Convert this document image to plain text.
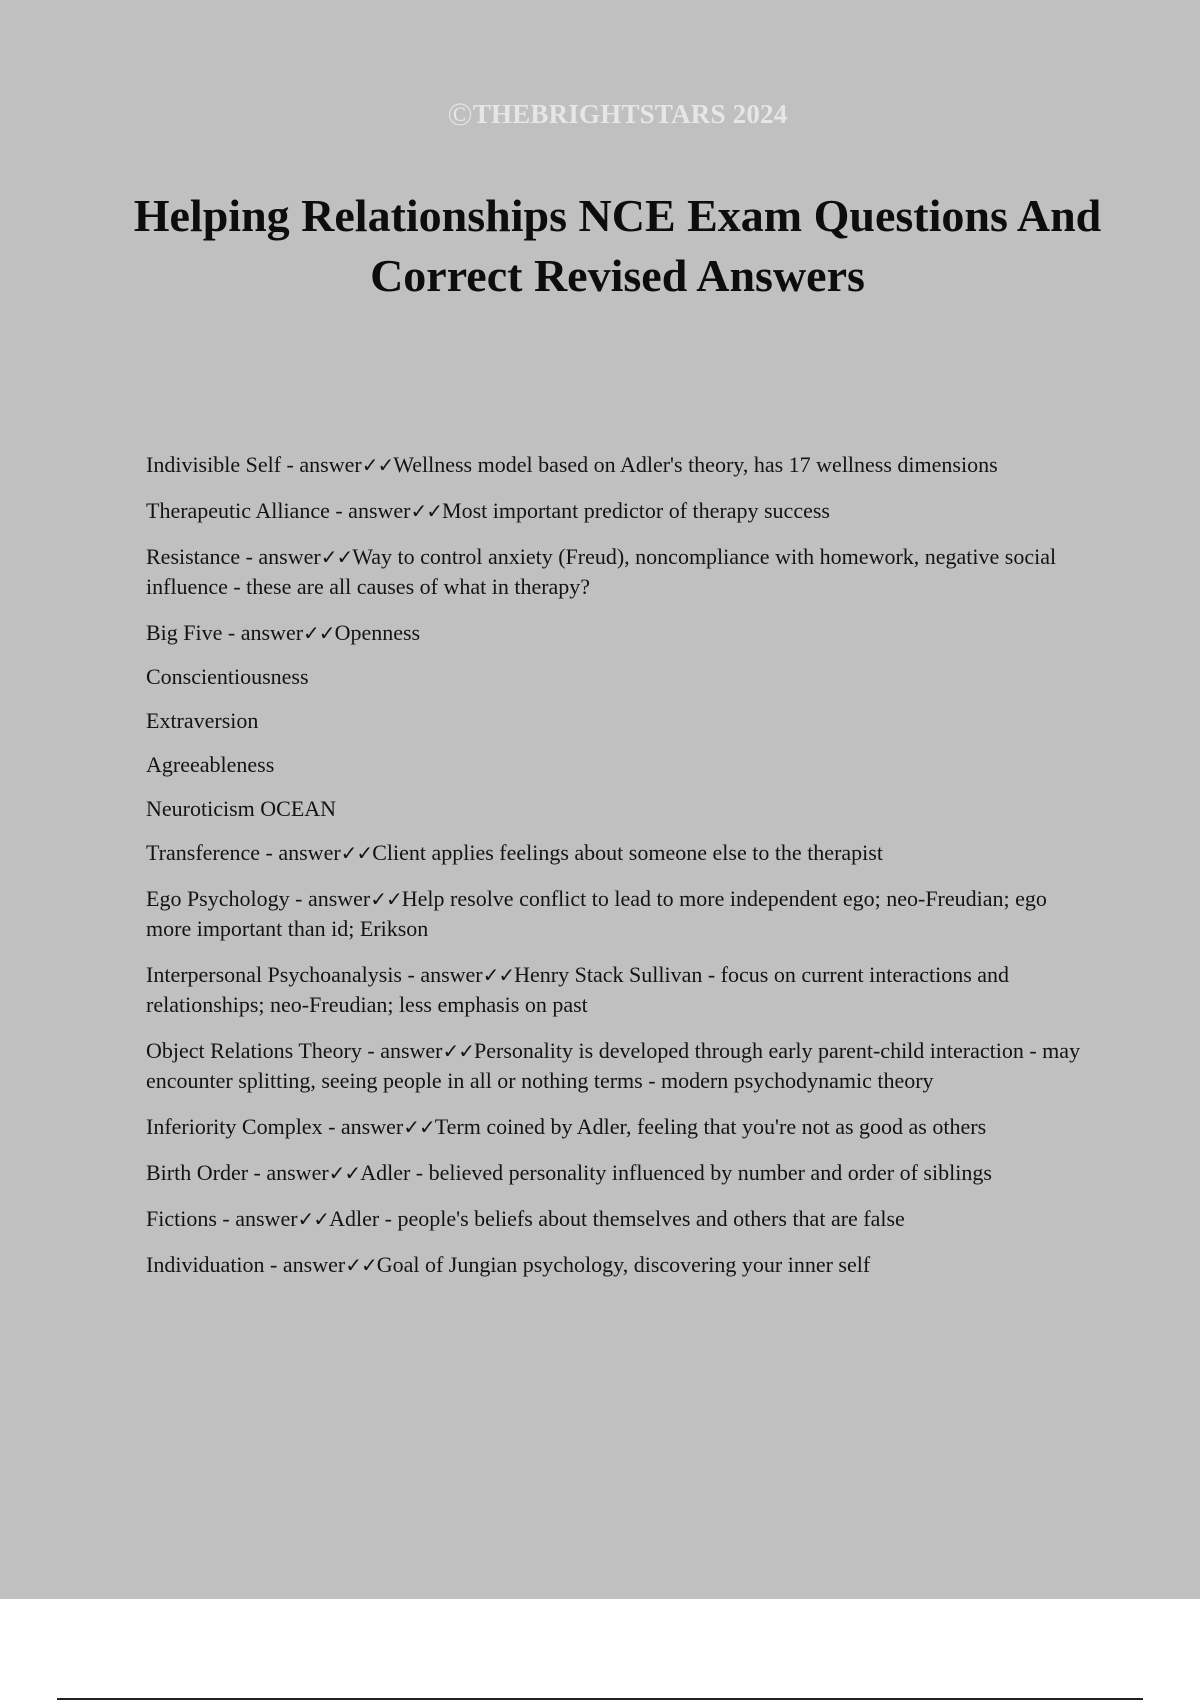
©THEBRIGHTSTARS 2024
Helping Relationships NCE Exam Questions And Correct Revised Answers
Indivisible Self - answer✓✓Wellness model based on Adler's theory, has 17 wellness dimensions
Therapeutic Alliance - answer✓✓Most important predictor of therapy success
Resistance - answer✓✓Way to control anxiety (Freud), noncompliance with homework, negative social influence - these are all causes of what in therapy?
Big Five - answer✓✓Openness
Conscientiousness
Extraversion
Agreeableness
Neuroticism OCEAN
Transference - answer✓✓Client applies feelings about someone else to the therapist
Ego Psychology - answer✓✓Help resolve conflict to lead to more independent ego; neo-Freudian; ego more important than id; Erikson
Interpersonal Psychoanalysis - answer✓✓Henry Stack Sullivan - focus on current interactions and relationships; neo-Freudian; less emphasis on past
Object Relations Theory - answer✓✓Personality is developed through early parent-child interaction - may encounter splitting, seeing people in all or nothing terms - modern psychodynamic theory
Inferiority Complex - answer✓✓Term coined by Adler, feeling that you're not as good as others
Birth Order - answer✓✓Adler - believed personality influenced by number and order of siblings
Fictions - answer✓✓Adler - people's beliefs about themselves and others that are false
Individuation - answer✓✓Goal of Jungian psychology, discovering your inner self
